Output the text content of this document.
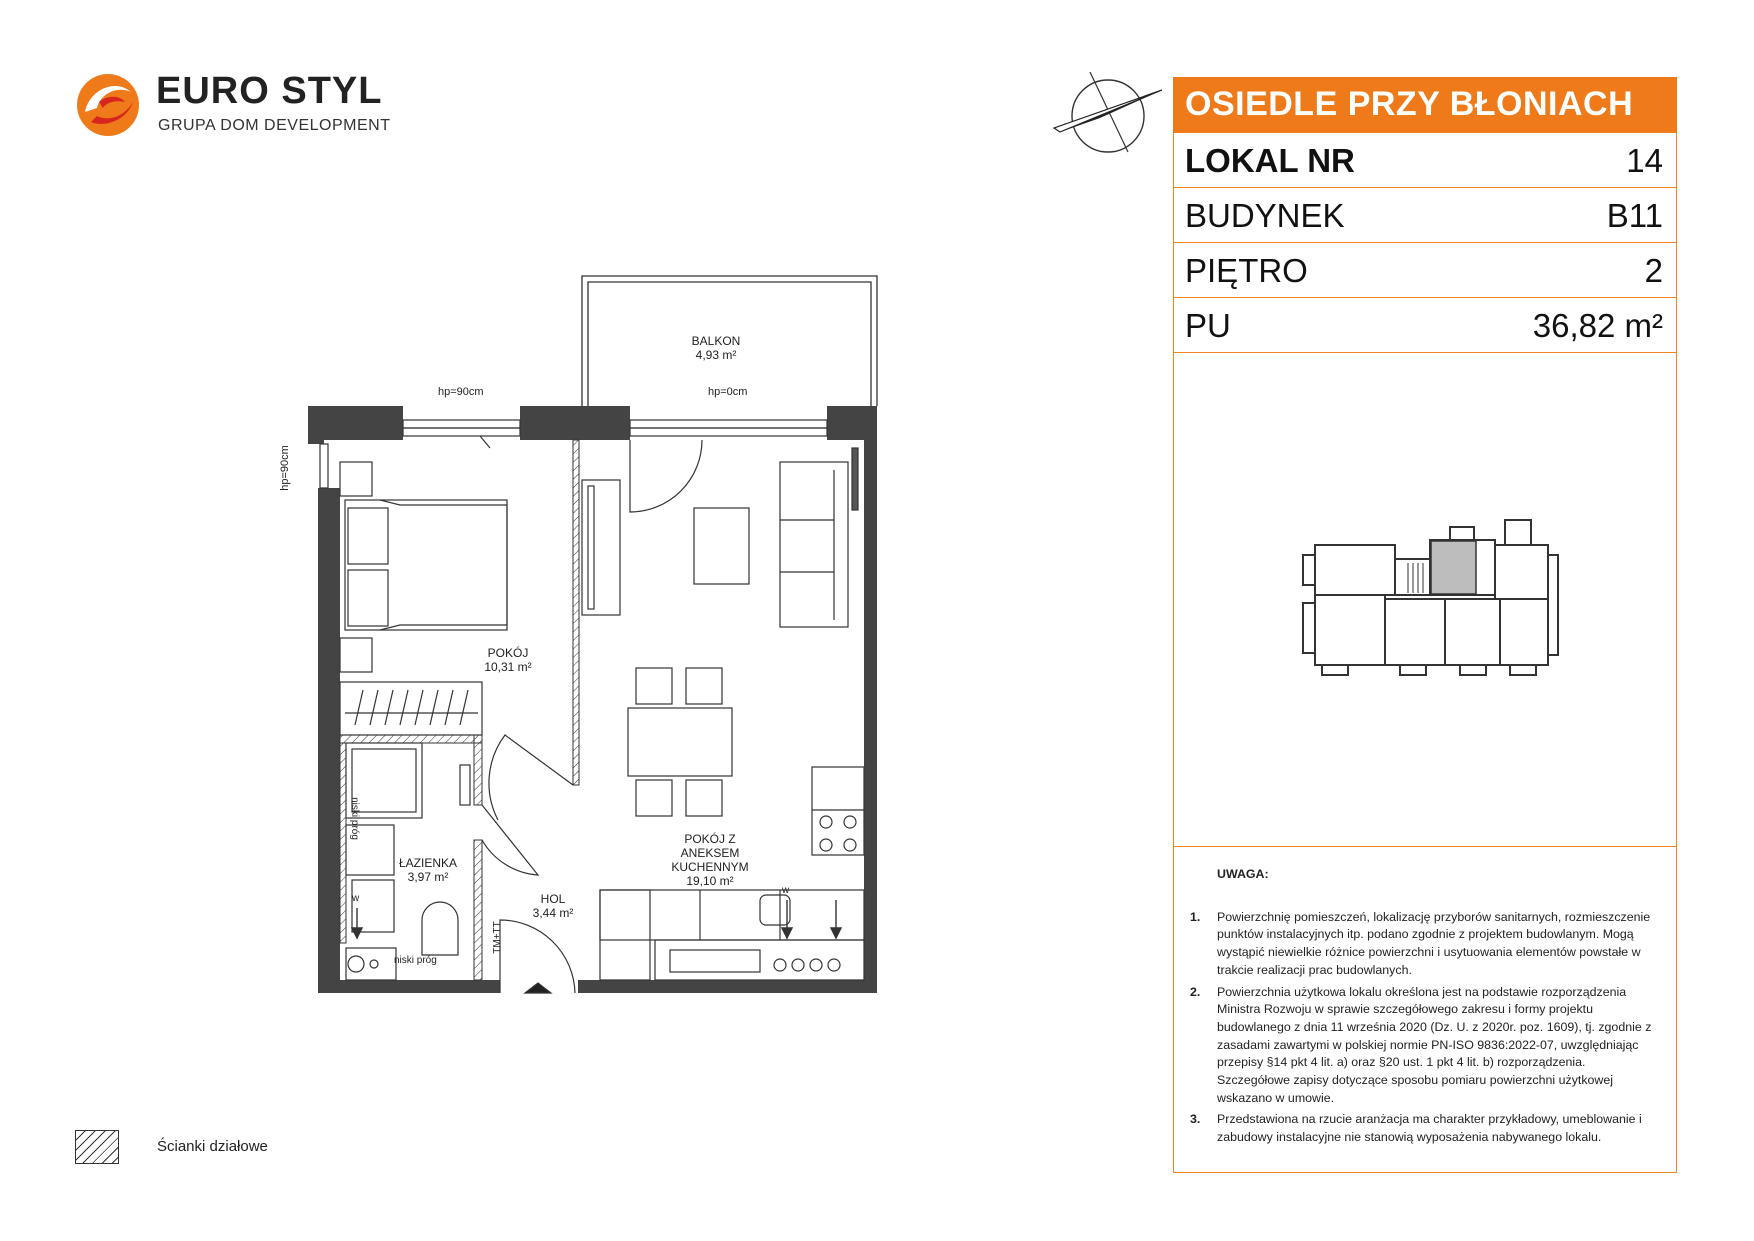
EURO STYL
GRUPA DOM DEVELOPMENT
OSIEDLE PRZY BŁONIACH
LOKAL NR	14
BUDYNEK	B11
PIĘTRO	2
PU	36,82 m²
UWAGA:
1. Powierzchnię pomieszczeń, lokalizację przyborów sanitarnych, rozmieszczenie punktów instalacyjnych itp. podano zgodnie z projektem budowlanym. Mogą wystąpić niewielkie różnice powierzchni i usytuowania elementów powstałe w trakcie realizacji prac budowlanych.
2. Powierzchnia użytkowa lokalu określona jest na podstawie rozporządzenia Ministra Rozwoju w sprawie szczegółowego zakresu i formy projektu budowlanego z dnia 11 września 2020 (Dz. U. z 2020r. poz. 1609), tj. zgodnie z zasadami zawartymi w polskiej normie PN-ISO 9836:2022-07, uwzględniając przepisy §14 pkt 4 lit. a) oraz §20 ust. 1 pkt 4 lit. b) rozporządzenia. Szczegółowe zapisy dotyczące sposobu pomiaru powierzchni użytkowej wskazano w umowie.
3. Przedstawiona na rzucie aranżacja ma charakter przykładowy, umeblowanie i zabudowy instalacyjne nie stanowią wyposażenia nabywanego lokalu.
Ścianki działowe
BALKON
4,93 m²
POKÓJ
10,31 m²
POKÓJ Z ANEKSEM KUCHENNYM
19,10 m²
ŁAZIENKA
3,97 m²
HOL
3,44 m²
hp=90cm	hp=0cm
hp=90cm
TM+TT
niski próg
niski próg
w
w
